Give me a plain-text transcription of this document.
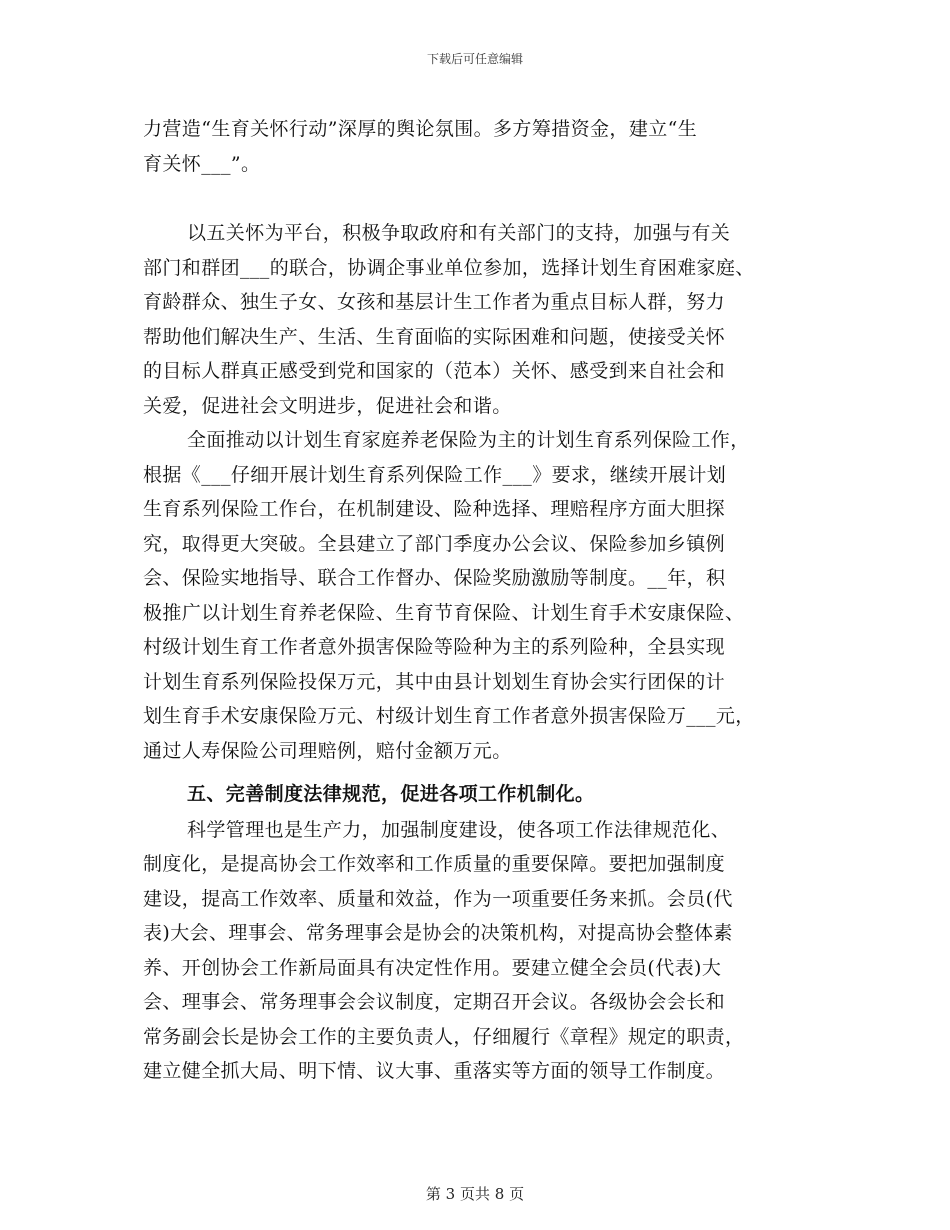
下载后可任意编辑
力营造“生育关怀行动”深厚的舆论氛围。多方筹措资金，建立“生
育关怀___”。
以五关怀为平台，积极争取政府和有关部门的支持，加强与有关
部门和群团___的联合，协调企事业单位参加，选择计划生育困难家庭、
育龄群众、独生子女、女孩和基层计生工作者为重点目标人群，努力
帮助他们解决生产、生活、生育面临的实际困难和问题，使接受关怀
的目标人群真正感受到党和国家的（范本）关怀、感受到来自社会和
关爱，促进社会文明进步，促进社会和谐。
全面推动以计划生育家庭养老保险为主的计划生育系列保险工作，
根据《___仔细开展计划生育系列保险工作___》要求，继续开展计划
生育系列保险工作台，在机制建设、险种选择、理赔程序方面大胆探
究，取得更大突破。全县建立了部门季度办公会议、保险参加乡镇例
会、保险实地指导、联合工作督办、保险奖励激励等制度。__年，积
极推广以计划生育养老保险、生育节育保险、计划生育手术安康保险、
村级计划生育工作者意外损害保险等险种为主的系列险种，全县实现
计划生育系列保险投保万元，其中由县计划划生育协会实行团保的计
划生育手术安康保险万元、村级计划生育工作者意外损害保险万___元，
通过人寿保险公司理赔例，赔付金额万元。
五、完善制度法律规范，促进各项工作机制化。
科学管理也是生产力，加强制度建设，使各项工作法律规范化、
制度化，是提高协会工作效率和工作质量的重要保障。要把加强制度
建设，提高工作效率、质量和效益，作为一项重要任务来抓。会员(代
表)大会、理事会、常务理事会是协会的决策机构，对提高协会整体素
养、开创协会工作新局面具有决定性作用。要建立健全会员(代表)大
会、理事会、常务理事会会议制度，定期召开会议。各级协会会长和
常务副会长是协会工作的主要负责人，仔细履行《章程》规定的职责，
建立健全抓大局、明下情、议大事、重落实等方面的领导工作制度。
第 3 页共 8 页
